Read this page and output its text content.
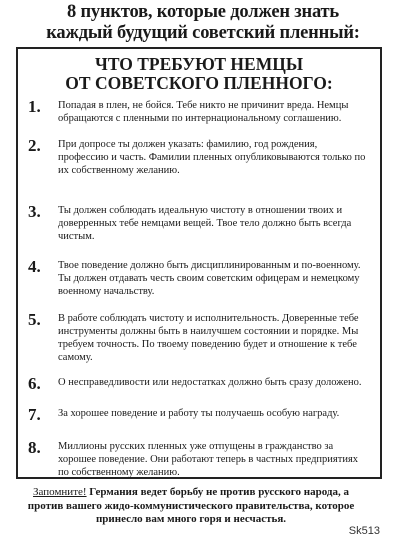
8 пунктов, которые должен знать
каждый будущий советский пленный:
ЧТО ТРЕБУЮТ НЕМЦЫ
ОТ СОВЕТСКОГО ПЛЕННОГО:
1. Попадая в плен, не бойся. Тебе никто не причинит вреда. Немцы обращаются с пленными по интернациональному соглашению.
2. При допросе ты должен указать: фамилию, год рождения, профессию и часть. Фамилии пленных опубликовываются только по их собственному желанию.
3. Ты должен соблюдать идеальную чистоту в отношении твоих и доверренных тебе немцами вещей. Твое тело должно быть всегда чистым.
4. Твое поведение должно быть дисциплинированным и по-военному. Ты должен отдавать честь своим советским офицерам и немецкому военному начальству.
5. В работе соблюдать чистоту и исполнительность. Доверенные тебе инструменты должны быть в наилучшем состоянии и порядке. Мы требуем точность. По твоему поведению будет и отношение к тебе самому.
6. О несправедливости или недостатках должно быть сразу доложено.
7. За хорошее поведение и работу ты получаешь особую награду.
8. Миллионы русских пленных уже отпущены в гражданство за хорошее поведение. Они работают теперь в частных предприятиях по собственному желанию.
Запомните! Германия ведет борьбу не против русского народа, а против вашего жидо-коммунистического правительства, которое принесло вам много горя и несчастья.
Sk513
